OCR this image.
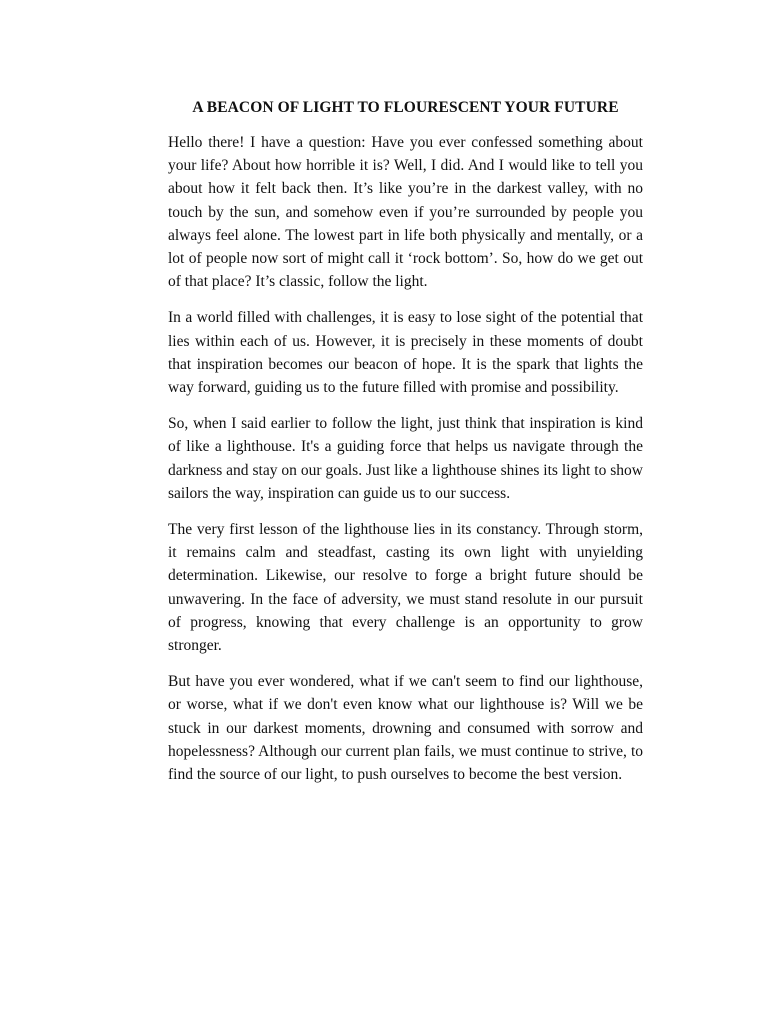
A BEACON OF LIGHT TO FLOURESCENT YOUR FUTURE

Hello there! I have a question: Have you ever confessed something about your life? About how horrible it is? Well, I did. And I would like to tell you about how it felt back then. It’s like you’re in the darkest valley, with no touch by the sun, and somehow even if you’re surrounded by people you always feel alone. The lowest part in life both physically and mentally, or a lot of people now sort of might call it ‘rock bottom’. So, how do we get out of that place? It’s classic, follow the light.

In a world filled with challenges, it is easy to lose sight of the potential that lies within each of us. However, it is precisely in these moments of doubt that inspiration becomes our beacon of hope. It is the spark that lights the way forward, guiding us to the future filled with promise and possibility.

So, when I said earlier to follow the light, just think that inspiration is kind of like a lighthouse. It's a guiding force that helps us navigate through the darkness and stay on our goals. Just like a lighthouse shines its light to show sailors the way, inspiration can guide us to our success.

The very first lesson of the lighthouse lies in its constancy. Through storm, it remains calm and steadfast, casting its own light with unyielding determination. Likewise, our resolve to forge a bright future should be unwavering. In the face of adversity, we must stand resolute in our pursuit of progress, knowing that every challenge is an opportunity to grow stronger.

But have you ever wondered, what if we can't seem to find our lighthouse, or worse, what if we don't even know what our lighthouse is? Will we be stuck in our darkest moments, drowning and consumed with sorrow and hopelessness? Although our current plan fails, we must continue to strive, to find the source of our light, to push ourselves to become the best version.
